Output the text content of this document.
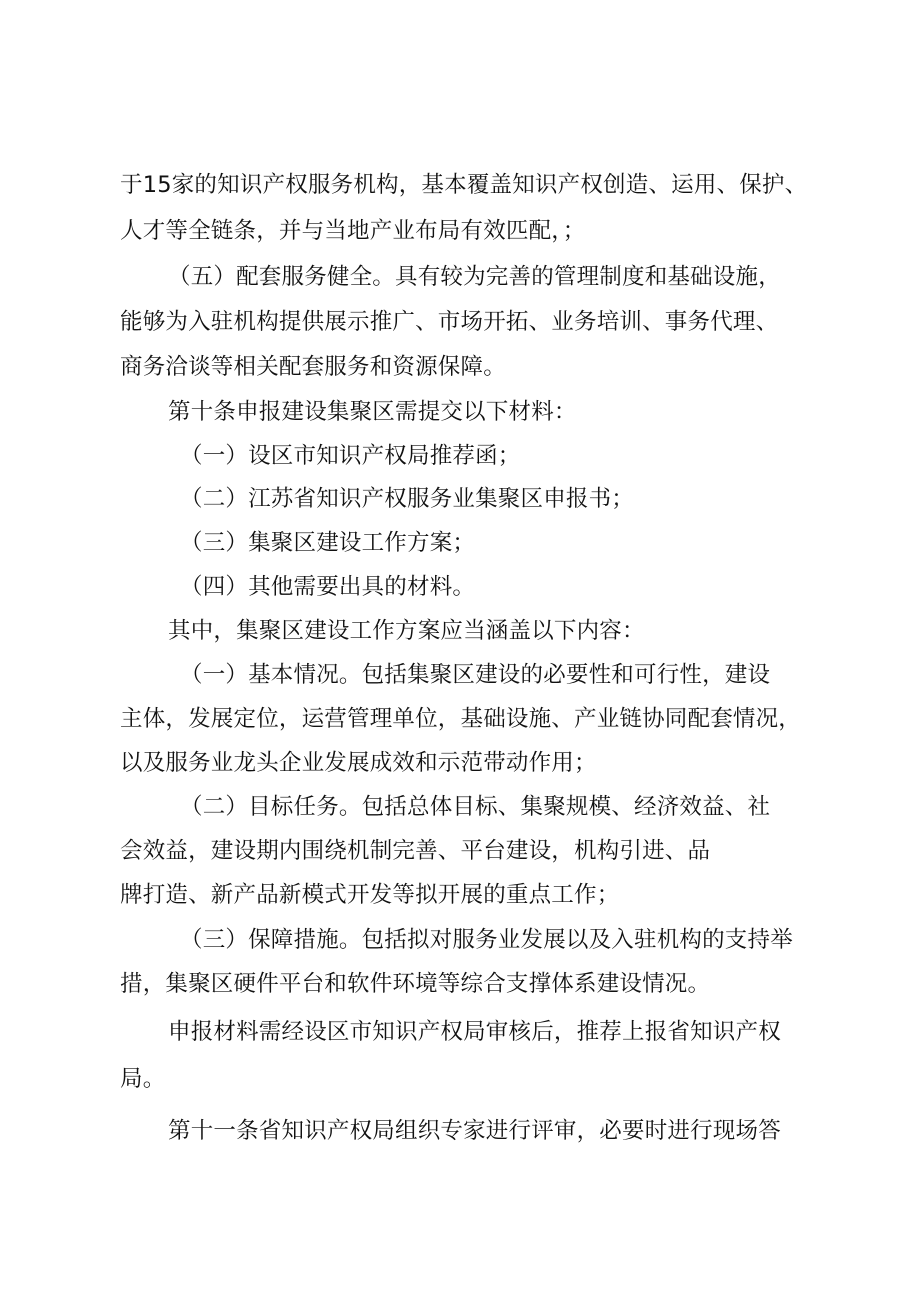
于15家的知识产权服务机构，基本覆盖知识产权创造、运用、保护、

人才等全链条，并与当地产业布局有效匹配，；

（五）配套服务健全。具有较为完善的管理制度和基础设施，

能够为入驻机构提供展示推广、市场开拓、业务培训、事务代理、

商务洽谈等相关配套服务和资源保障。

第十条申报建设集聚区需提交以下材料：

（一）设区市知识产权局推荐函；

（二）江苏省知识产权服务业集聚区申报书；

（三）集聚区建设工作方案；

（四）其他需要出具的材料。

其中，集聚区建设工作方案应当涵盖以下内容：

（一）基本情况。包括集聚区建设的必要性和可行性，建设

主体，发展定位，运营管理单位，基础设施、产业链协同配套情况，

以及服务业龙头企业发展成效和示范带动作用；

（二）目标任务。包括总体目标、集聚规模、经济效益、社

会效益，建设期内围绕机制完善、平台建设，机构引进、品

牌打造、新产品新模式开发等拟开展的重点工作；

（三）保障措施。包括拟对服务业发展以及入驻机构的支持举

措，集聚区硬件平台和软件环境等综合支撑体系建设情况。

申报材料需经设区市知识产权局审核后，推荐上报省知识产权

局。

第十一条省知识产权局组织专家进行评审，必要时进行现场答
